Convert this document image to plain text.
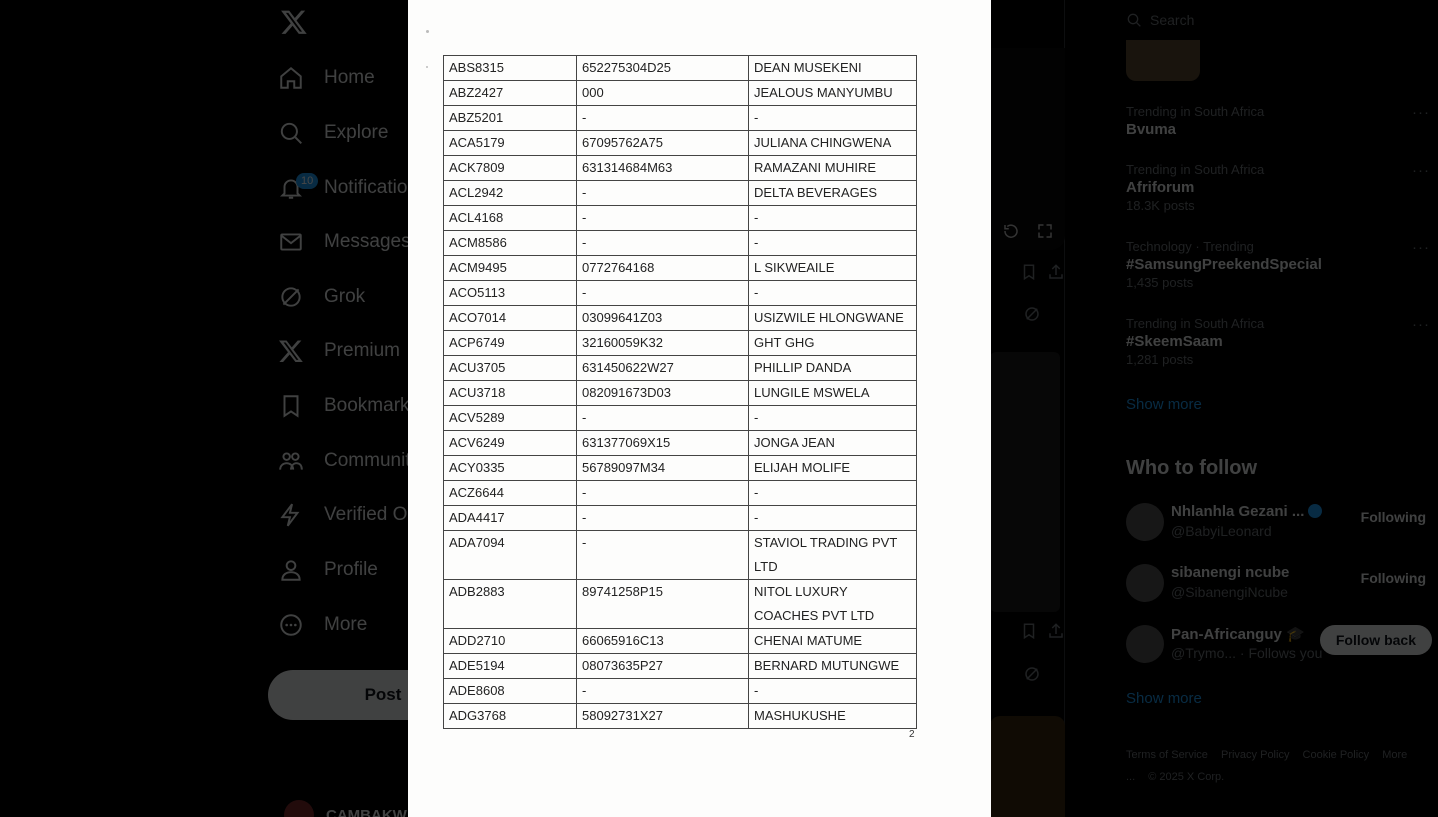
ABS8315	652275304D25	DEAN MUSEKENI
ABZ2427	000	JEALOUS MANYUMBU
ABZ5201	-	-
ACA5179	67095762A75	JULIANA CHINGWENA
ACK7809	631314684M63	RAMAZANI MUHIRE
ACL2942	-	DELTA BEVERAGES
ACL4168	-	-
ACM8586	-	-
ACM9495	0772764168	L SIKWEAILE
ACO5113	-	-
ACO7014	03099641Z03	USIZWILE HLONGWANE
ACP6749	32160059K32	GHT GHG
ACU3705	631450622W27	PHILLIP DANDA
ACU3718	082091673D03	LUNGILE MSWELA
ACV5289	-	-
ACV6249	631377069X15	JONGA JEAN
ACY0335	56789097M34	ELIJAH MOLIFE
ACZ6644	-	-
ADA4417	-	-
ADA7094	-	STAVIOL TRADING PVT LTD
ADB2883	89741258P15	NITOL LUXURY COACHES PVT LTD
ADD2710	66065916C13	CHENAI MATUME
ADE5194	08073635P27	BERNARD MUTUNGWE
ADE8608	-	-
ADG3768	58092731X27	MASHUKUSHE
2
